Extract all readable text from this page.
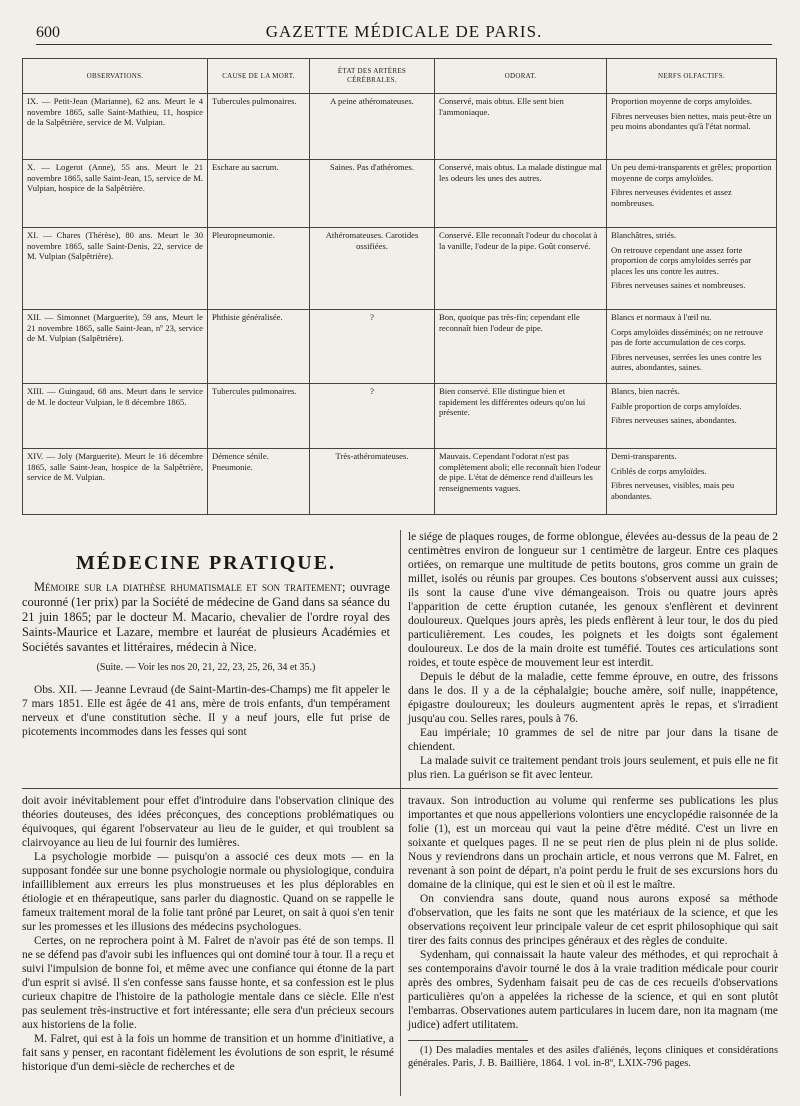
600	GAZETTE MÉDICALE DE PARIS.
OBSERVATIONS.	CAUSE DE LA MORT.	ÉTAT DES ARTÈRES CÉRÉBRALES.	ODORAT.	NERFS OLFACTIFS.
IX. — Petit-Jean (Marianne), 62 ans. Meurt le 4 novembre 1865, salle Saint-Mathieu, 11, hospice de la Salpêtrière, service de M. Vulpian.	Tubercules pulmonaires.	A peine athéromateuses.	Conservé, mais obtus. Elle sent bien l'ammoniaque.	Proportion moyenne de corps amyloïdes.

Fibres nerveuses bien nettes, mais peut-être un peu moins abondantes qu'à l'état normal.

X. — Logerot (Anne), 55 ans. Meurt le 21 novembre 1865, salle Saint-Jean, 15, service de M. Vulpian, hospice de la Salpêtrière.	Eschare au sacrum.	Saines. Pas d'athéromes.	Conservé, mais obtus. La malade distingue mal les odeurs les unes des autres.	Un peu demi-transparents et grêles; proportion moyenne de corps amyloïdes.

Fibres nerveuses évidentes et assez nombreuses.

XI. — Chares (Thérèse), 80 ans. Meurt le 30 novembre 1865, salle Saint-Denis, 22, service de M. Vulpian (Salpêtrière).	Pleuropneumonie.	Athéromateuses. Carotides ossifiées.	Conservé. Elle reconnaît l'odeur du chocolat à la vanille, l'odeur de la pipe. Goût conservé.	Blanchâtres, striés.

On retrouve cependant une assez forte proportion de corps amyloïdes serrés par places les uns contre les autres.

Fibres nerveuses saines et nombreuses.

XII. — Simonnet (Marguerite), 59 ans, Meurt le 21 novembre 1865, salle Saint-Jean, nº 23, service de M. Vulpian (Salpêtrière).	Phthisie généralisée.	?	Bon, quoique pas très-fin; cependant elle reconnaît bien l'odeur de pipe.	Blancs et normaux à l'œil nu.

Corps amyloïdes disséminés; on ne retrouve pas de forte accumulation de ces corps.

Fibres nerveuses, serrées les unes contre les autres, abondantes, saines.

XIII. — Guingaud, 68 ans. Meurt dans le service de M. le docteur Vulpian, le 8 décembre 1865.	Tubercules pulmonaires.	?	Bien conservé. Elle distingue bien et rapidement les différentes odeurs qu'on lui présente.	Blancs, bien nacrés.

Faible proportion de corps amyloïdes.

Fibres nerveuses saines, abondantes.

XIV. — Joly (Marguerite). Meurt le 16 décembre 1865, salle Saint-Jean, hospice de la Salpêtrière, service de M. Vulpian.	Démence sénile. Pneumonie.	Très-athéromateuses.	Mauvais. Cependant l'odorat n'est pas complètement aboli; elle reconnaît bien l'odeur de pipe. L'état de démence rend d'ailleurs les renseignements vagues.	Demi-transparents.

Criblés de corps amyloïdes.

Fibres nerveuses, visibles, mais peu abondantes.

MÉDECINE PRATIQUE.

Mémoire sur la diathèse rhumatismale et son traitement; ouvrage couronné (1er prix) par la Société de médecine de Gand dans sa séance du 21 juin 1865; par le docteur M. Macario, chevalier de l'ordre royal des Saints-Maurice et Lazare, membre et lauréat de plusieurs Académies et Sociétés savantes et littéraires, médecin à Nice.

(Suite. — Voir les nos 20, 21, 22, 23, 25, 26, 34 et 35.)

Obs. XII. — Jeanne Levraud (de Saint-Martin-des-Champs) me fit appeler le 7 mars 1851. Elle est âgée de 41 ans, mère de trois enfants, d'un tempérament nerveux et d'une constitution sèche. Il y a neuf jours, elle fut prise de picotements incommodes dans les fesses qui sont

le siége de plaques rouges, de forme oblongue, élevées au-dessus de la peau de 2 centimètres environ de longueur sur 1 centimètre de largeur. Entre ces plaques ortiées, on remarque une multitude de petits boutons, gros comme un grain de millet, isolés ou réunis par groupes. Ces boutons s'observent aussi aux cuisses; ils sont la cause d'une vive démangeaison. Trois ou quatre jours après l'apparition de cette éruption cutanée, les genoux s'enflèrent et devinrent douloureux. Quelques jours après, les pieds enflèrent à leur tour, le dos du pied particulièrement. Les coudes, les poignets et les doigts sont également douloureux. Le dos de la main droite est tuméfié. Toutes ces articulations sont roides, et toute espèce de mouvement leur est interdit.

Depuis le début de la maladie, cette femme éprouve, en outre, des frissons dans le dos. Il y a de la céphalalgie; bouche amère, soif nulle, inappétence, épigastre douloureux; les douleurs augmentent après le repas, et s'irradient jusqu'au cou. Selles rares, pouls à 76.

Eau impériale; 10 grammes de sel de nitre par jour dans la tisane de chiendent.

La malade suivit ce traitement pendant trois jours seulement, et puis elle ne fit plus rien. La guérison se fit avec lenteur.

doit avoir inévitablement pour effet d'introduire dans l'observation clinique des théories douteuses, des idées préconçues, des conceptions problématiques ou équivoques, qui égarent l'observateur au lieu de le guider, et qui troublent sa clairvoyance au lieu de lui fournir des lumières.

La psychologie morbide — puisqu'on a associé ces deux mots — en la supposant fondée sur une bonne psychologie normale ou physiologique, conduira infailliblement aux erreurs les plus monstrueuses et les plus déplorables en étiologie et en thérapeutique, sans parler du diagnostic. Quand on se rappelle le fameux traitement moral de la folie tant prôné par Leuret, on sait à quoi s'en tenir sur les promesses et les illusions des médecins psychologues.

Certes, on ne reprochera point à M. Falret de n'avoir pas été de son temps. Il ne se défend pas d'avoir subi les influences qui ont dominé tour à tour. Il a reçu et suivi l'impulsion de bonne foi, et même avec une confiance qui étonne de la part d'un esprit si avisé. Il s'en confesse sans fausse honte, et sa confession est le plus curieux chapitre de l'histoire de la pathologie mentale dans ce siècle. Elle n'est pas seulement très-instructive et fort intéressante; elle sera d'un précieux secours aux historiens de la folie.

M. Falret, qui est à la fois un homme de transition et un homme d'initiative, a fait sans y penser, en racontant fidèlement les évolutions de son esprit, le résumé historique d'un demi-siècle de recherches et de

travaux. Son introduction au volume qui renferme ses publications les plus importantes et que nous appellerions volontiers une encyclopédie raisonnée de la folie (1), est un morceau qui vaut la peine d'être médité. C'est un livre en soixante et quelques pages. Il ne se peut rien de plus plein ni de plus solide. Nous y reviendrons dans un prochain article, et nous verrons que M. Falret, en revenant à son point de départ, n'a point perdu le fruit de ses excursions hors du domaine de la clinique, qui est le sien et où il est le maître.

On conviendra sans doute, quand nous aurons exposé sa méthode d'observation, que les faits ne sont que les matériaux de la science, et que les observations reçoivent leur principale valeur de cet esprit philosophique qui sait tirer des faits connus des principes généraux et des règles de conduite.

Sydenham, qui connaissait la haute valeur des méthodes, et qui reprochait à ses contemporains d'avoir tourné le dos à la vraie tradition médicale pour courir après des ombres, Sydenham faisait peu de cas de ces recueils d'observations particulières qu'on a appelées la richesse de la science, et qui en sont plutôt l'embarras. Observationes autem particulares in lucem dare, non ita magnam (me judice) adfert utilitatem.

(1) Des maladies mentales et des asiles d'aliénés, leçons cliniques et considérations générales. Paris, J. B. Baillière, 1864. 1 vol. in-8º, LXIX-796 pages.
